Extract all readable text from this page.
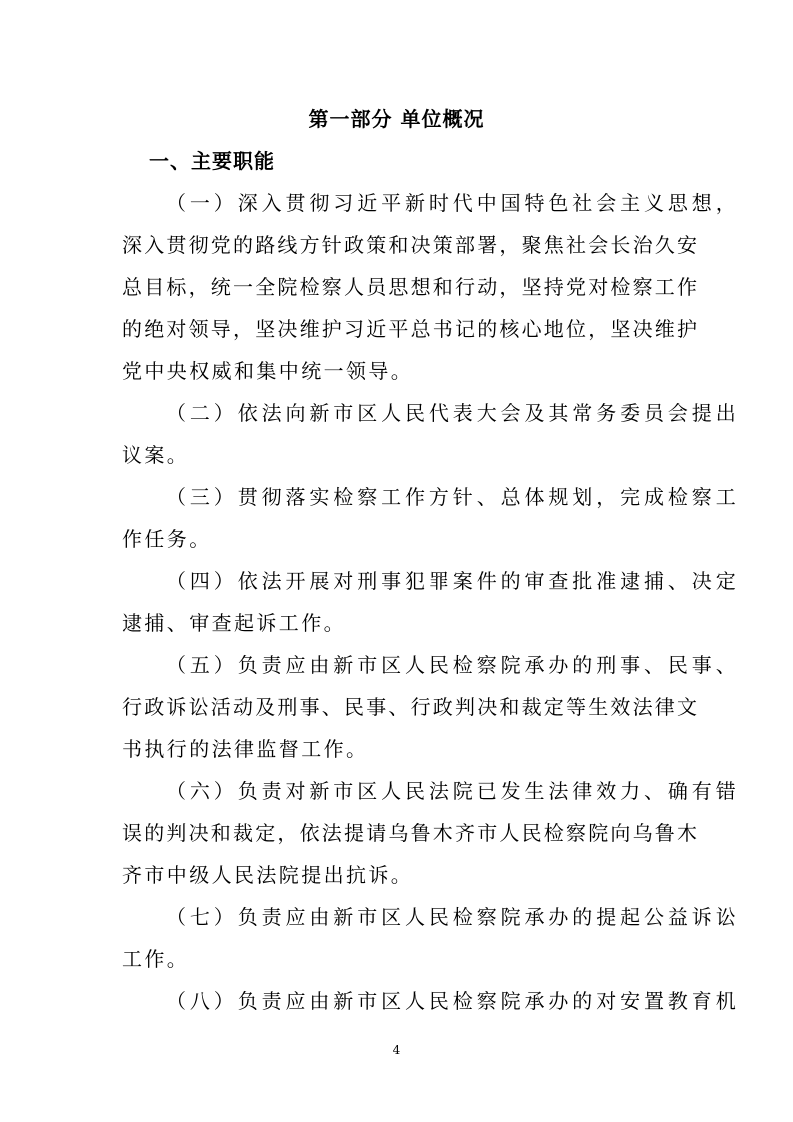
第一部分 单位概况
一、主要职能
（一）深入贯彻习近平新时代中国特色社会主义思想，
深入贯彻党的路线方针政策和决策部署，聚焦社会长治久安
总目标，统一全院检察人员思想和行动，坚持党对检察工作
的绝对领导，坚决维护习近平总书记的核心地位，坚决维护
党中央权威和集中统一领导。
（二）依法向新市区人民代表大会及其常务委员会提出
议案。
（三）贯彻落实检察工作方针、总体规划，完成检察工
作任务。
（四）依法开展对刑事犯罪案件的审查批准逮捕、决定
逮捕、审查起诉工作。
（五）负责应由新市区人民检察院承办的刑事、民事、
行政诉讼活动及刑事、民事、行政判决和裁定等生效法律文
书执行的法律监督工作。
（六）负责对新市区人民法院已发生法律效力、确有错
误的判决和裁定，依法提请乌鲁木齐市人民检察院向乌鲁木
齐市中级人民法院提出抗诉。
（七）负责应由新市区人民检察院承办的提起公益诉讼
工作。
（八）负责应由新市区人民检察院承办的对安置教育机
4
